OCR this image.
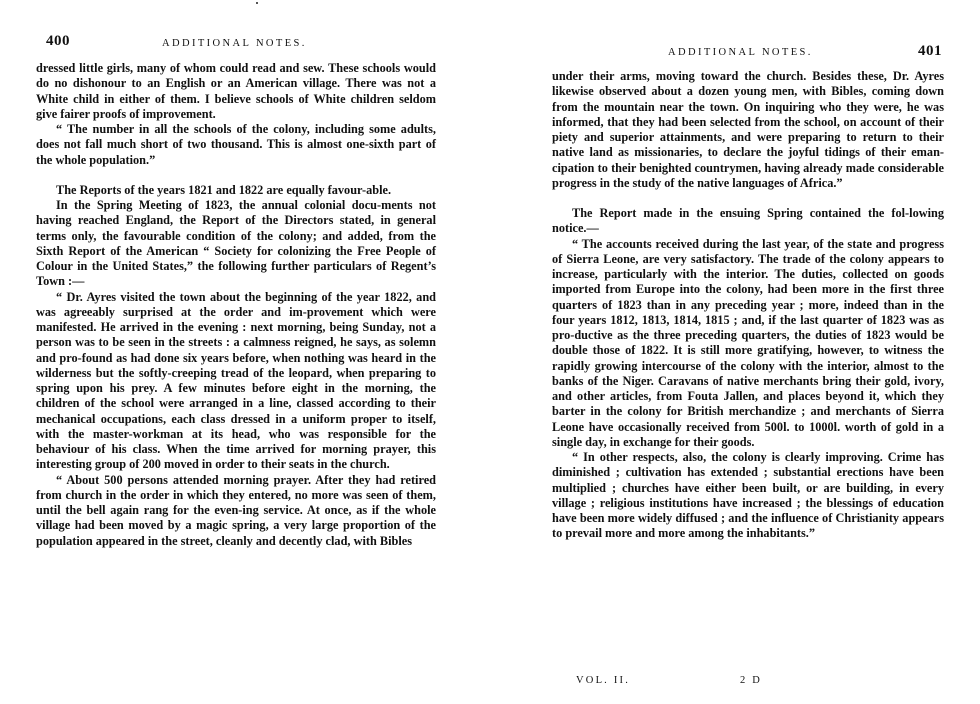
400	ADDITIONAL NOTES.

dressed little girls, many of whom could read and sew. These schools would do no dishonour to an English or an American village. There was not a White child in either of them. I believe schools of White children seldom give fairer proofs of improvement.

“ The number in all the schools of the colony, including some adults, does not fall much short of two thousand. This is almost one-sixth part of the whole population.”

The Reports of the years 1821 and 1822 are equally favour-able.

In the Spring Meeting of 1823, the annual colonial docu-ments not having reached England, the Report of the Directors stated, in general terms only, the favourable condition of the colony; and added, from the Sixth Report of the American “ Society for colonizing the Free People of Colour in the United States,” the following further particulars of Regent’s Town :—

“ Dr. Ayres visited the town about the beginning of the year 1822, and was agreeably surprised at the order and im-provement which were manifested. He arrived in the evening : next morning, being Sunday, not a person was to be seen in the streets : a calmness reigned, he says, as solemn and pro-found as had done six years before, when nothing was heard in the wilderness but the softly-creeping tread of the leopard, when preparing to spring upon his prey. A few minutes before eight in the morning, the children of the school were arranged in a line, classed according to their mechanical occupations, each class dressed in a uniform proper to itself, with the master-workman at its head, who was responsible for the behaviour of his class. When the time arrived for morning prayer, this interesting group of 200 moved in order to their seats in the church.

“ About 500 persons attended morning prayer. After they had retired from church in the order in which they entered, no more was seen of them, until the bell again rang for the even-ing service. At once, as if the whole village had been moved by a magic spring, a very large proportion of the population appeared in the street, cleanly and decently clad, with Bibles

ADDITIONAL NOTES.	401

under their arms, moving toward the church. Besides these, Dr. Ayres likewise observed about a dozen young men, with Bibles, coming down from the mountain near the town. On inquiring who they were, he was informed, that they had been selected from the school, on account of their piety and superior attainments, and were preparing to return to their native land as missionaries, to declare the joyful tidings of their eman-cipation to their benighted countrymen, having already made considerable progress in the study of the native languages of Africa.”

The Report made in the ensuing Spring contained the fol-lowing notice.—

“ The accounts received during the last year, of the state and progress of Sierra Leone, are very satisfactory. The trade of the colony appears to increase, particularly with the interior. The duties, collected on goods imported from Europe into the colony, had been more in the first three quarters of 1823 than in any preceding year ; more, indeed than in the four years 1812, 1813, 1814, 1815 ; and, if the last quarter of 1823 was as pro-ductive as the three preceding quarters, the duties of 1823 would be double those of 1822. It is still more gratifying, however, to witness the rapidly growing intercourse of the colony with the interior, almost to the banks of the Niger. Caravans of native merchants bring their gold, ivory, and other articles, from Fouta Jallen, and places beyond it, which they barter in the colony for British merchandize ; and merchants of Sierra Leone have occasionally received from 500l. to 1000l. worth of gold in a single day, in exchange for their goods.

“ In other respects, also, the colony is clearly improving. Crime has diminished ; cultivation has extended ; substantial erections have been multiplied ; churches have either been built, or are building, in every village ; religious institutions have increased ; the blessings of education have been more widely diffused ; and the influence of Christianity appears to prevail more and more among the inhabitants.”

VOL. II.	2 D
